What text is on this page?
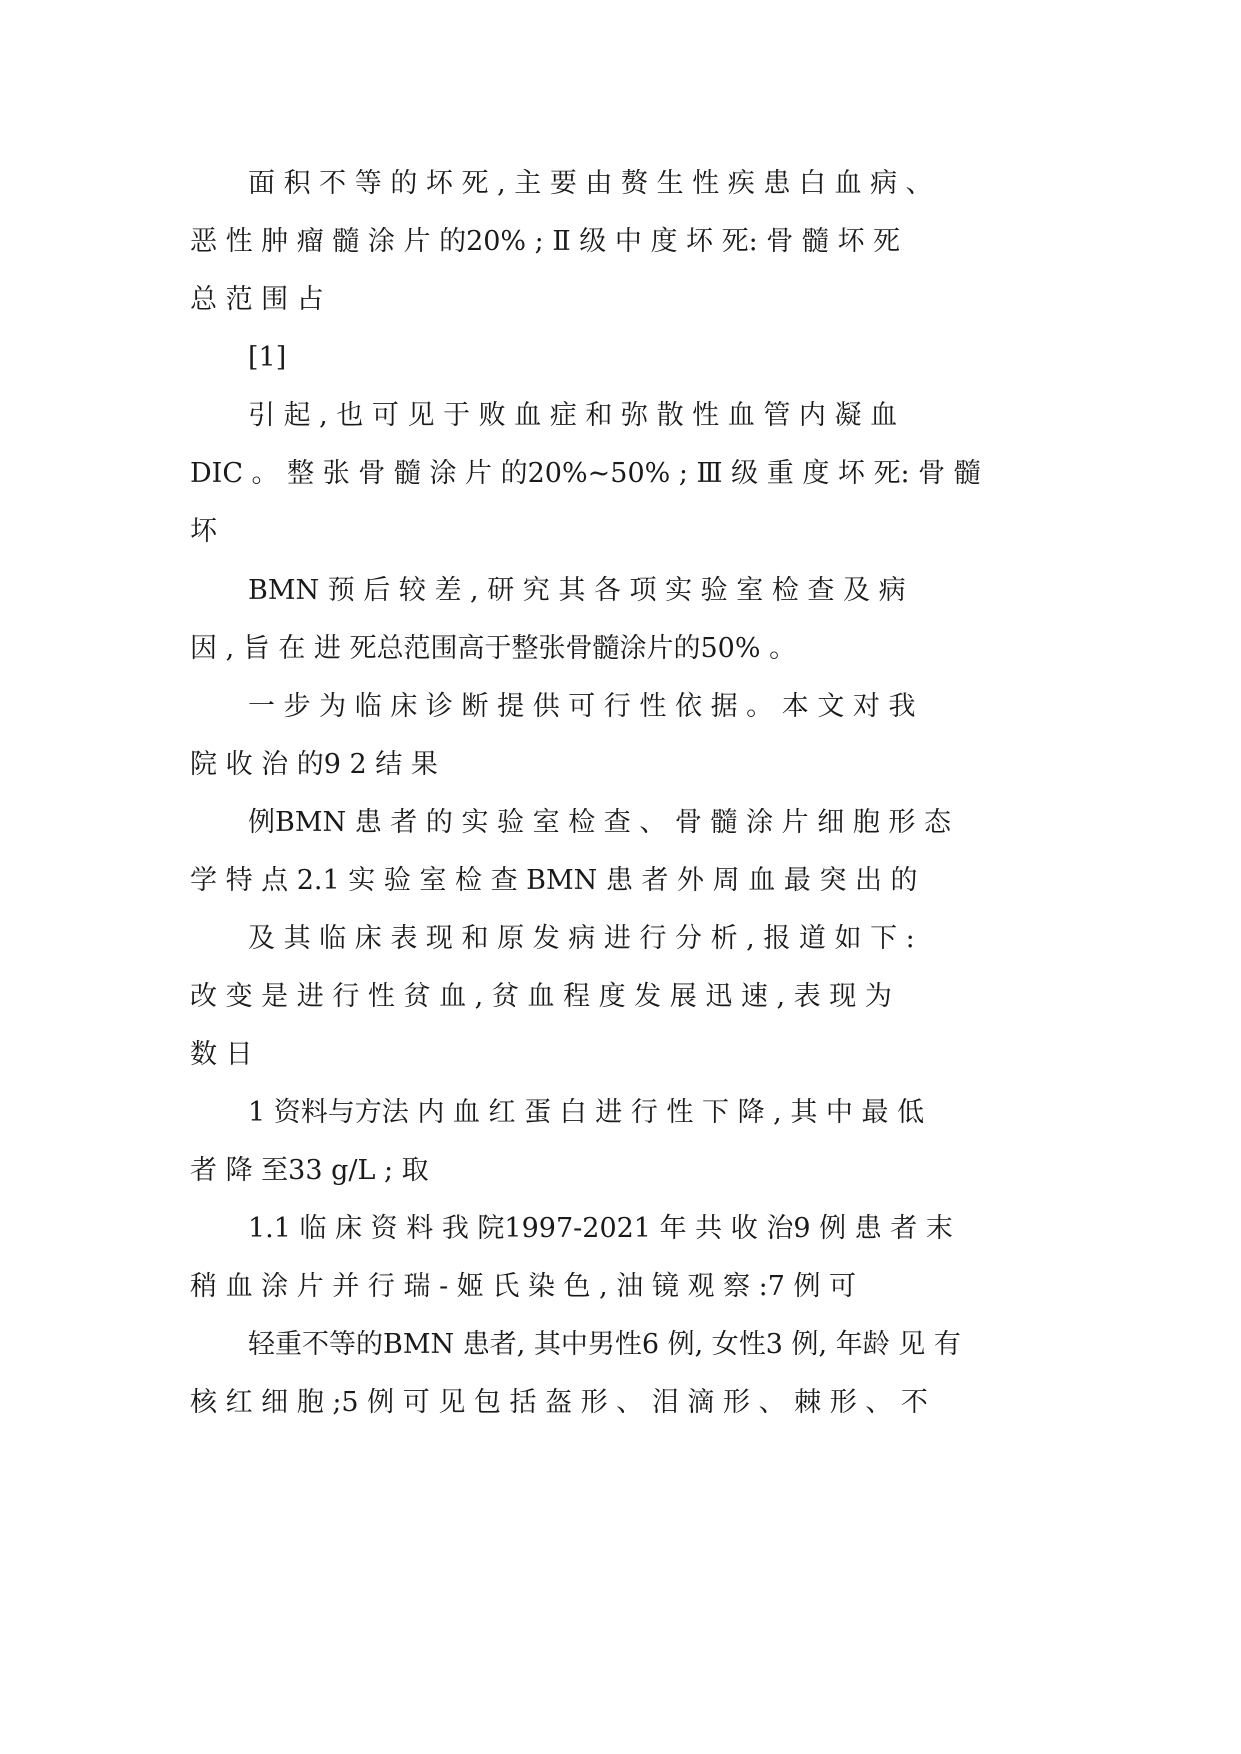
面 积 不 等 的 坏 死 , 主 要 由 赘 生 性 疾 患 白 血 病 、
恶 性 肿 瘤 髓 涂 片 的20% ; Ⅱ 级 中 度 坏 死: 骨 髓 坏 死
总 范 围 占
[1]
引 起 , 也 可 见 于 败 血 症 和 弥 散 性 血 管 内 凝 血
DIC 。 整 张 骨 髓 涂 片 的20%~50% ; Ⅲ 级 重 度 坏 死: 骨 髓
坏
BMN 预 后 较 差 , 研 究 其 各 项 实 验 室 检 查 及 病
因 , 旨 在 进 死总范围高于整张骨髓涂片的50% 。
一 步 为 临 床 诊 断 提 供 可 行 性 依 据 。 本 文 对 我
院 收 治 的9 2 结 果
例BMN 患 者 的 实 验 室 检 查 、 骨 髓 涂 片 细 胞 形 态
学 特 点 2.1 实 验 室 检 查 BMN 患 者 外 周 血 最 突 出 的
及 其 临 床 表 现 和 原 发 病 进 行 分 析 , 报 道 如 下 :
改 变 是 进 行 性 贫 血 , 贫 血 程 度 发 展 迅 速 , 表 现 为
数 日
1 资料与方法 内 血 红 蛋 白 进 行 性 下 降 , 其 中 最 低
者 降 至33 g/L ; 取
1.1 临 床 资 料 我 院1997-2021 年 共 收 治9 例 患 者 末
稍 血 涂 片 并 行 瑞 - 姬 氏 染 色 , 油 镜 观 察 :7 例 可
轻重不等的BMN 患者, 其中男性6 例, 女性3 例, 年龄 见 有
核 红 细 胞 ;5 例 可 见 包 括 盔 形 、 泪 滴 形 、 棘 形 、 不
